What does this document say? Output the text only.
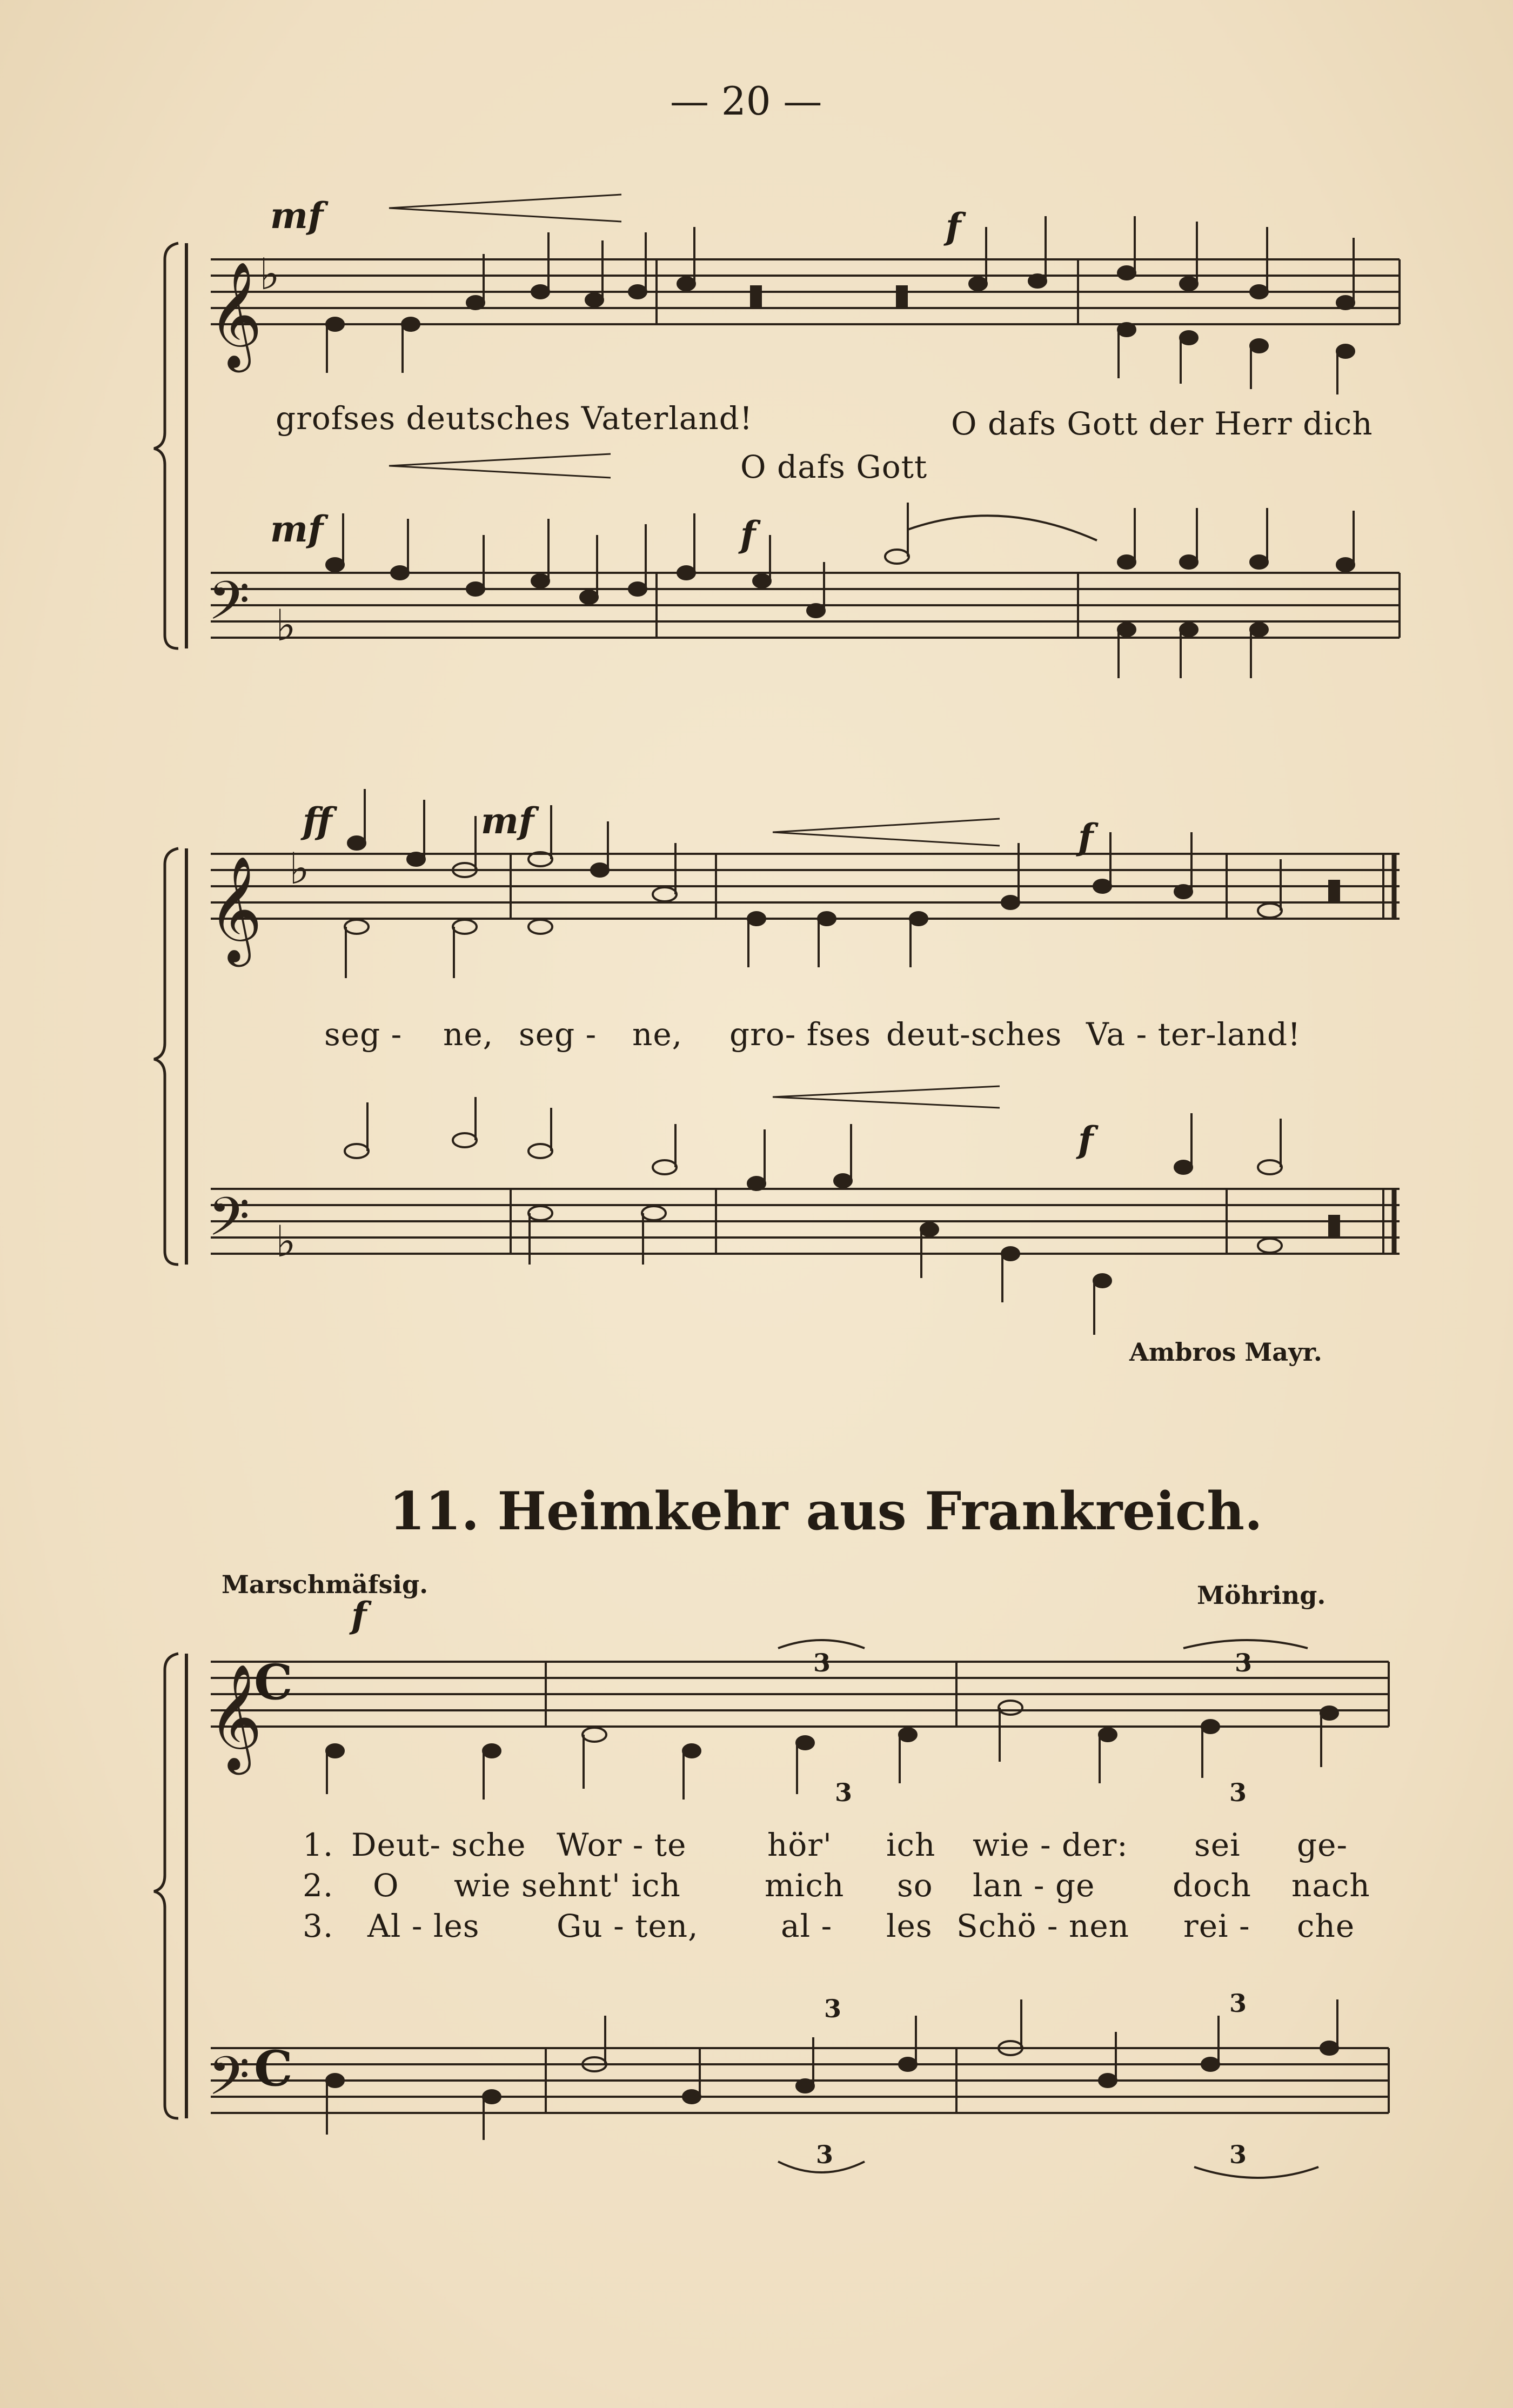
— 20 —
𝄞
♭
𝄢 ♭
𝄞 ♭
𝄢 ♭
𝄞
𝄢
mf	f
mf	f
grofses deutsches Vaterland!	O dafs Gott der Herr dich
O dafs Gott
ff	mf	f
f
seg - ne, seg - ne, gro- fses deut-sches Va - ter-land!
Ambros Mayr.
11. Heimkehr aus Frankreich.
Marschmäfsig.	Möhring.
f
C
C
3	3
3	3
3	3
3	3
1. Deut- sche Wor - te	hör' ich wie - der: sei ge-
2. O wie sehnt' ich	mich so lan - ge doch nach
3. Al - les Gu - ten,	al - les Schö - nen rei - che
